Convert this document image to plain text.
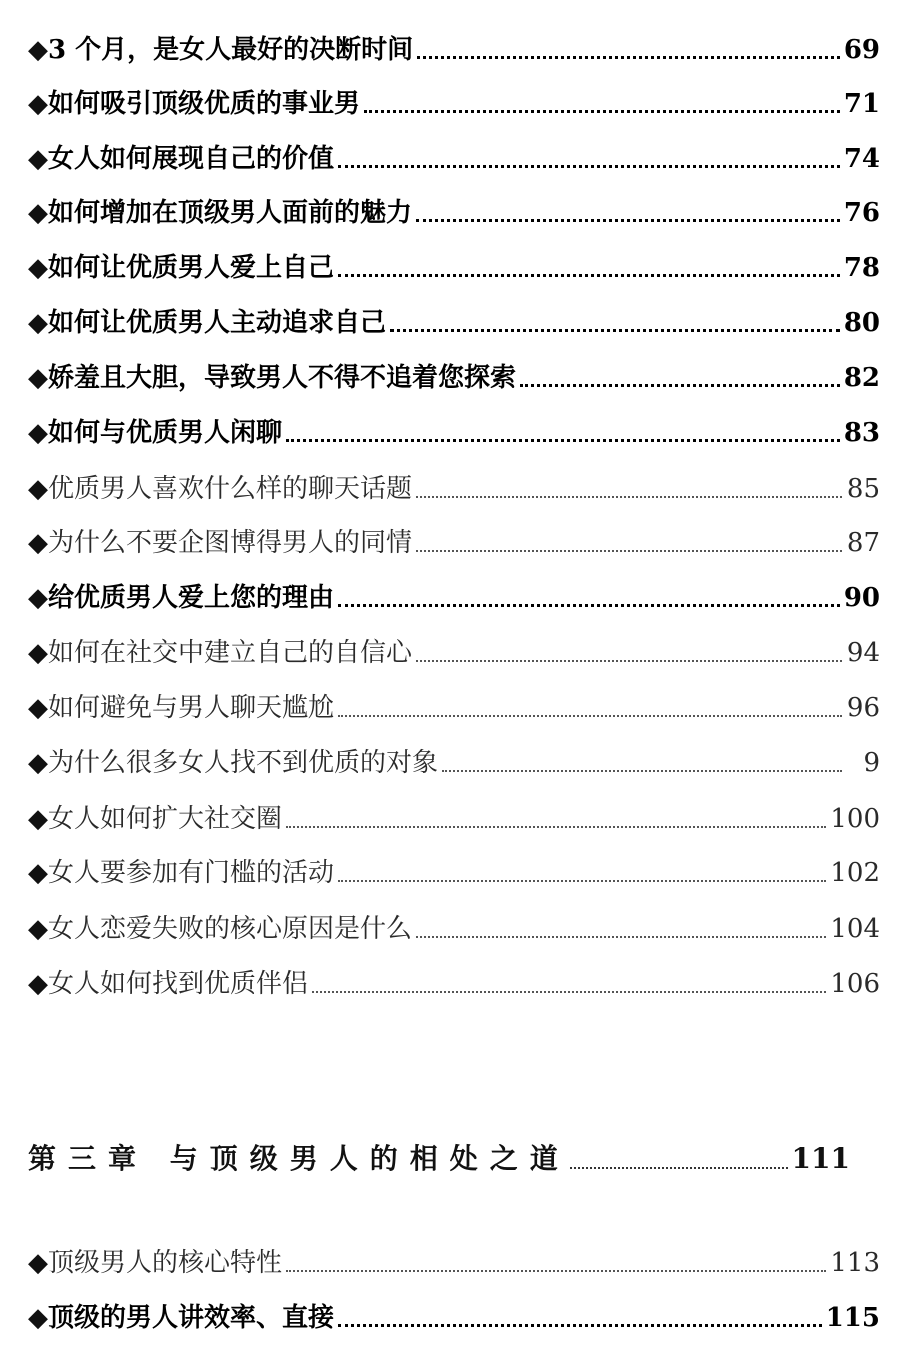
◆ 3 个月，是女人最好的决断时间	69
◆ 如何吸引顶级优质的事业男	71
◆ 女人如何展现自己的价值	74
◆ 如何增加在顶级男人面前的魅力	76
◆ 如何让优质男人爱上自己	78
◆ 如何让优质男人主动追求自己	80
◆ 娇羞且大胆，导致男人不得不追着您探索	82
◆ 如何与优质男人闲聊	83
◆ 优质男人喜欢什么样的聊天话题	85
◆ 为什么不要企图博得男人的同情	87
◆ 给优质男人爱上您的理由	90
◆ 如何在社交中建立自己的自信心	94
◆ 如何避免与男人聊天尴尬	96
◆ 为什么很多女人找不到优质的对象	9
◆ 女人如何扩大社交圈	100
◆ 女人要参加有门槛的活动	102
◆ 女人恋爱失败的核心原因是什么	104
◆ 女人如何找到优质伴侣	106
第三章 与顶级男人的相处之道	111
◆ 顶级男人的核心特性	113
◆ 顶级的男人讲效率、直接	115
